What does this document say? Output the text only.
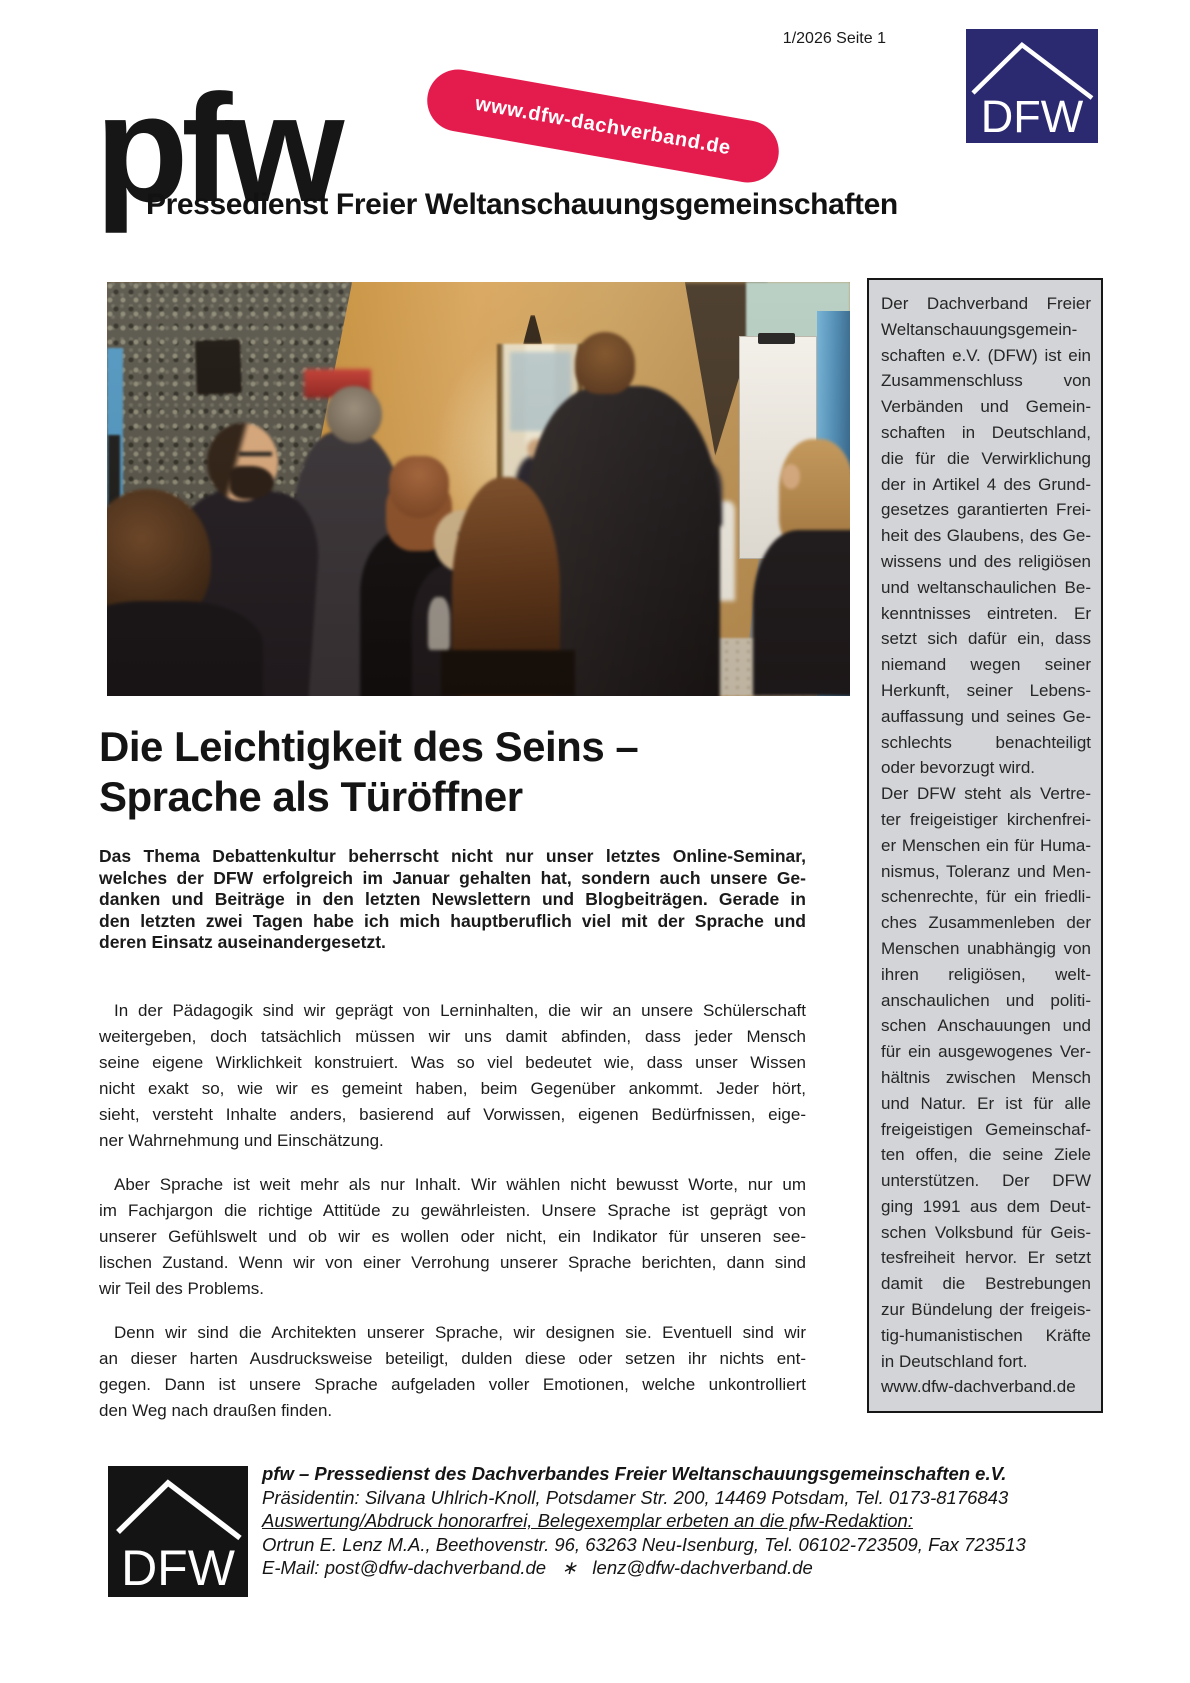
1/2026 Seite 1
pfw	www.dfw-dachverband.de	DFW
Pressedienst Freier Weltanschauungsgemeinschaften
Der Dachverband Freier
Weltanschauungsgemein-
schaften e.V. (DFW) ist ein
Zusammenschluss von
Verbänden und Gemein-
schaften in Deutschland,
die für die Verwirklichung
der in Artikel 4 des Grund-
gesetzes garantierten Frei-
heit des Glaubens, des Ge-
wissens und des religiösen
und weltanschaulichen Be-
kenntnisses eintreten. Er
setzt sich dafür ein, dass
niemand wegen seiner
Herkunft, seiner Lebens-
auffassung und seines Ge-
schlechts benachteiligt
oder bevorzugt wird.
Der DFW steht als Vertre-
ter freigeistiger kirchenfrei-
er Menschen ein für Huma-
nismus, Toleranz und Men-
schenrechte, für ein friedli-
ches Zusammenleben der
Menschen unabhängig von
ihren religiösen, welt-
anschaulichen und politi-
schen Anschauungen und
für ein ausgewogenes Ver-
hältnis zwischen Mensch
und Natur. Er ist für alle
freigeistigen Gemeinschaf-
ten offen, die seine Ziele
unterstützen. Der DFW
ging 1991 aus dem Deut-
schen Volksbund für Geis-
tesfreiheit hervor. Er setzt
damit die Bestrebungen
zur Bündelung der freigeis-
tig-humanistischen Kräfte
in Deutschland fort.
www.dfw-dachverband.de
Die Leichtigkeit des Seins –
Sprache als Türöffner
Das Thema Debattenkultur beherrscht nicht nur unser letztes Online-Seminar,
welches der DFW erfolgreich im Januar gehalten hat, sondern auch unsere Ge-
danken und Beiträge in den letzten Newslettern und Blogbeiträgen. Gerade in
den letzten zwei Tagen habe ich mich hauptberuflich viel mit der Sprache und
deren Einsatz auseinandergesetzt.
In der Pädagogik sind wir geprägt von Lerninhalten, die wir an unsere Schülerschaft
weitergeben, doch tatsächlich müssen wir uns damit abfinden, dass jeder Mensch
seine eigene Wirklichkeit konstruiert. Was so viel bedeutet wie, dass unser Wissen
nicht exakt so, wie wir es gemeint haben, beim Gegenüber ankommt. Jeder hört,
sieht, versteht Inhalte anders, basierend auf Vorwissen, eigenen Bedürfnissen, eige-
ner Wahrnehmung und Einschätzung.
Aber Sprache ist weit mehr als nur Inhalt. Wir wählen nicht bewusst Worte, nur um
im Fachjargon die richtige Attitüde zu gewährleisten. Unsere Sprache ist geprägt von
unserer Gefühlswelt und ob wir es wollen oder nicht, ein Indikator für unseren see-
lischen Zustand. Wenn wir von einer Verrohung unserer Sprache berichten, dann sind
wir Teil des Problems.
Denn wir sind die Architekten unserer Sprache, wir designen sie. Eventuell sind wir
an dieser harten Ausdrucksweise beteiligt, dulden diese oder setzen ihr nichts ent-
gegen. Dann ist unsere Sprache aufgeladen voller Emotionen, welche unkontrolliert
den Weg nach draußen finden.
DFW
pfw – Pressedienst des Dachverbandes Freier Weltanschauungsgemeinschaften e.V.
Präsidentin: Silvana Uhlrich-Knoll, Potsdamer Str. 200, 14469 Potsdam, Tel. 0173-8176843
Auswertung/Abdruck honorarfrei, Belegexemplar erbeten an die pfw-Redaktion:
Ortrun E. Lenz M.A., Beethovenstr. 96, 63263 Neu-Isenburg, Tel. 06102-723509, Fax 723513
E-Mail: post@dfw-dachverband.de   ∗   lenz@dfw-dachverband.de
